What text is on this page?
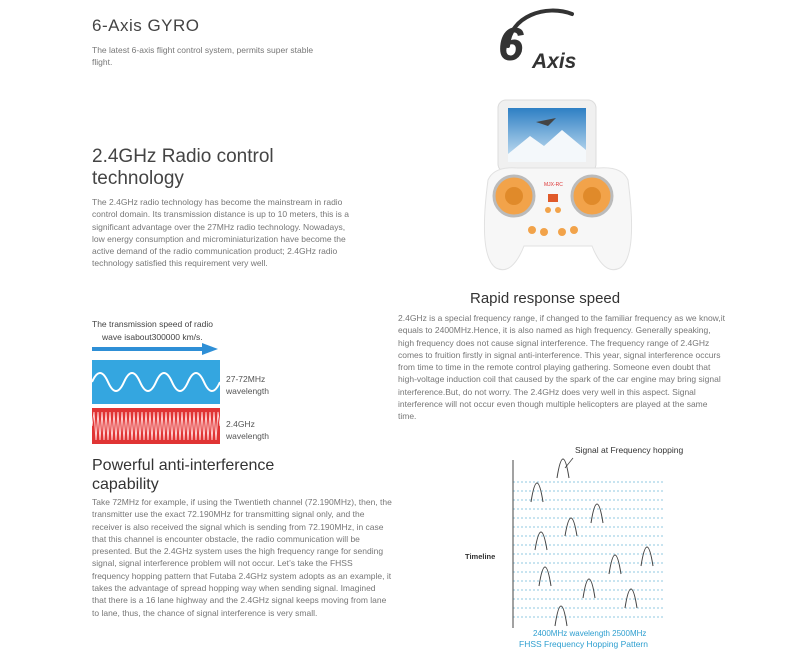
6-Axis GYRO
The latest 6-axis flight control system, permits super stable flight.	6 Axis
MJX-RC
2.4GHz Radio control technology
The 2.4GHz radio technology has become the mainstream in radio control domain. Its transmission distance is up to 10 meters, this is a significant advantage over the 27MHz radio technology. Nowadays, low energy consumption and microminiaturization have become the active demand of the radio communication product; 2.4GHz radio technology satisfied this requirement very well.
The transmission speed of radio
wave isabout300000 km/s.
27-72MHz wavelength
2.4GHz wavelength
Rapid response speed
2.4GHz is a special frequency range, if changed to the familiar frequency as we know,it equals to 2400MHz.Hence, it is also named as high frequency. Generally speaking, high frequency does not cause signal interference. The frequency range of 2.4GHz comes to fruition firstly in signal anti-interference. This year, signal interference occurs from time to time in the remote control playing gathering. Someone even doubt that high-voltage induction coil that caused by the spark of the car engine may bring signal interference.But, do not worry. The 2.4GHz does very well in this aspect. Signal interference will not occur even though multiple helicopters are played at the same time.
Powerful anti-interference capability
Take 72MHz for example, if using the Twentieth channel (72.190MHz), then, the transmitter use the exact 72.190MHz for transmitting signal only, and the receiver is also received the signal which is sending from 72.190MHz, in case that this channel is encounter obstacle, the radio communication will be presented. But the 2.4GHz system uses the high frequency range for sending signal, signal interference problem will not occur. Let’s take the FHSS frequency hopping pattern that Futaba 2.4GHz system adopts as an example, it takes the advantage of spread hopping way when sending signal. Imagined that there is a 16 lane highway and the 2.4GHz signal keeps moving from lane to lane, thus, the chance of signal interference is very small.
Signal at Frequency hopping
Timeline
2400MHz wavelength 2500MHz
FHSS Frequency Hopping Pattern
